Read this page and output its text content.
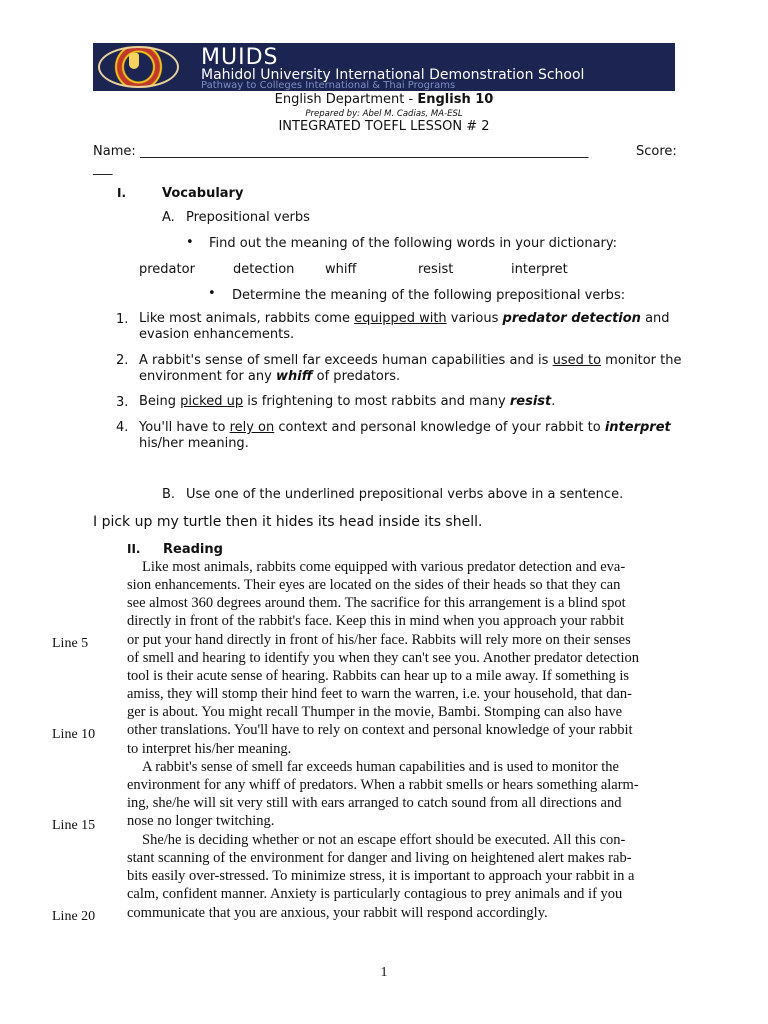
MUIDS
Mahidol University International Demonstration School
Pathway to Colleges International & Thai Programs
English Department - English 10
Prepared by: Abel M. Cadias, MA-ESL
INTEGRATED TOEFL LESSON # 2
Name: _____________________________________________________________________	Score:
___
I.	Vocabulary
A. Prepositional verbs
• Find out the meaning of the following words in your dictionary:
predator	detection whiff	resist	interpret
• Determine the meaning of the following prepositional verbs:
1. Like most animals, rabbits come equipped with various predator detection and
evasion enhancements.
2. A rabbit's sense of smell far exceeds human capabilities and is used to monitor the
environment for any whiff of predators.
3. Being picked up is frightening to most rabbits and many resist.
4. You'll have to rely on context and personal knowledge of your rabbit to interpret
his/her meaning.
B. Use one of the underlined prepositional verbs above in a sentence.
I pick up my turtle then it hides its head inside its shell.
II. Reading
Like most animals, rabbits come equipped with various predator detection and eva-
sion enhancements. Their eyes are located on the sides of their heads so that they can
see almost 360 degrees around them. The sacrifice for this arrangement is a blind spot
directly in front of the rabbit's face. Keep this in mind when you approach your rabbit
or put your hand directly in front of his/her face. Rabbits will rely more on their senses
of smell and hearing to identify you when they can't see you. Another predator detection
tool is their acute sense of hearing. Rabbits can hear up to a mile away. If something is
amiss, they will stomp their hind feet to warn the warren, i.e. your household, that dan-
ger is about. You might recall Thumper in the movie, Bambi. Stomping can also have
other translations. You'll have to rely on context and personal knowledge of your rabbit
to interpret his/her meaning.
A rabbit's sense of smell far exceeds human capabilities and is used to monitor the
environment for any whiff of predators. When a rabbit smells or hears something alarm-
ing, she/he will sit very still with ears arranged to catch sound from all directions and
nose no longer twitching.
She/he is deciding whether or not an escape effort should be executed. All this con-
stant scanning of the environment for danger and living on heightened alert makes rab-
bits easily over-stressed. To minimize stress, it is important to approach your rabbit in a
calm, confident manner. Anxiety is particularly contagious to prey animals and if you
communicate that you are anxious, your rabbit will respond accordingly.
Line 5
Line 10
Line 15
Line 20
1
